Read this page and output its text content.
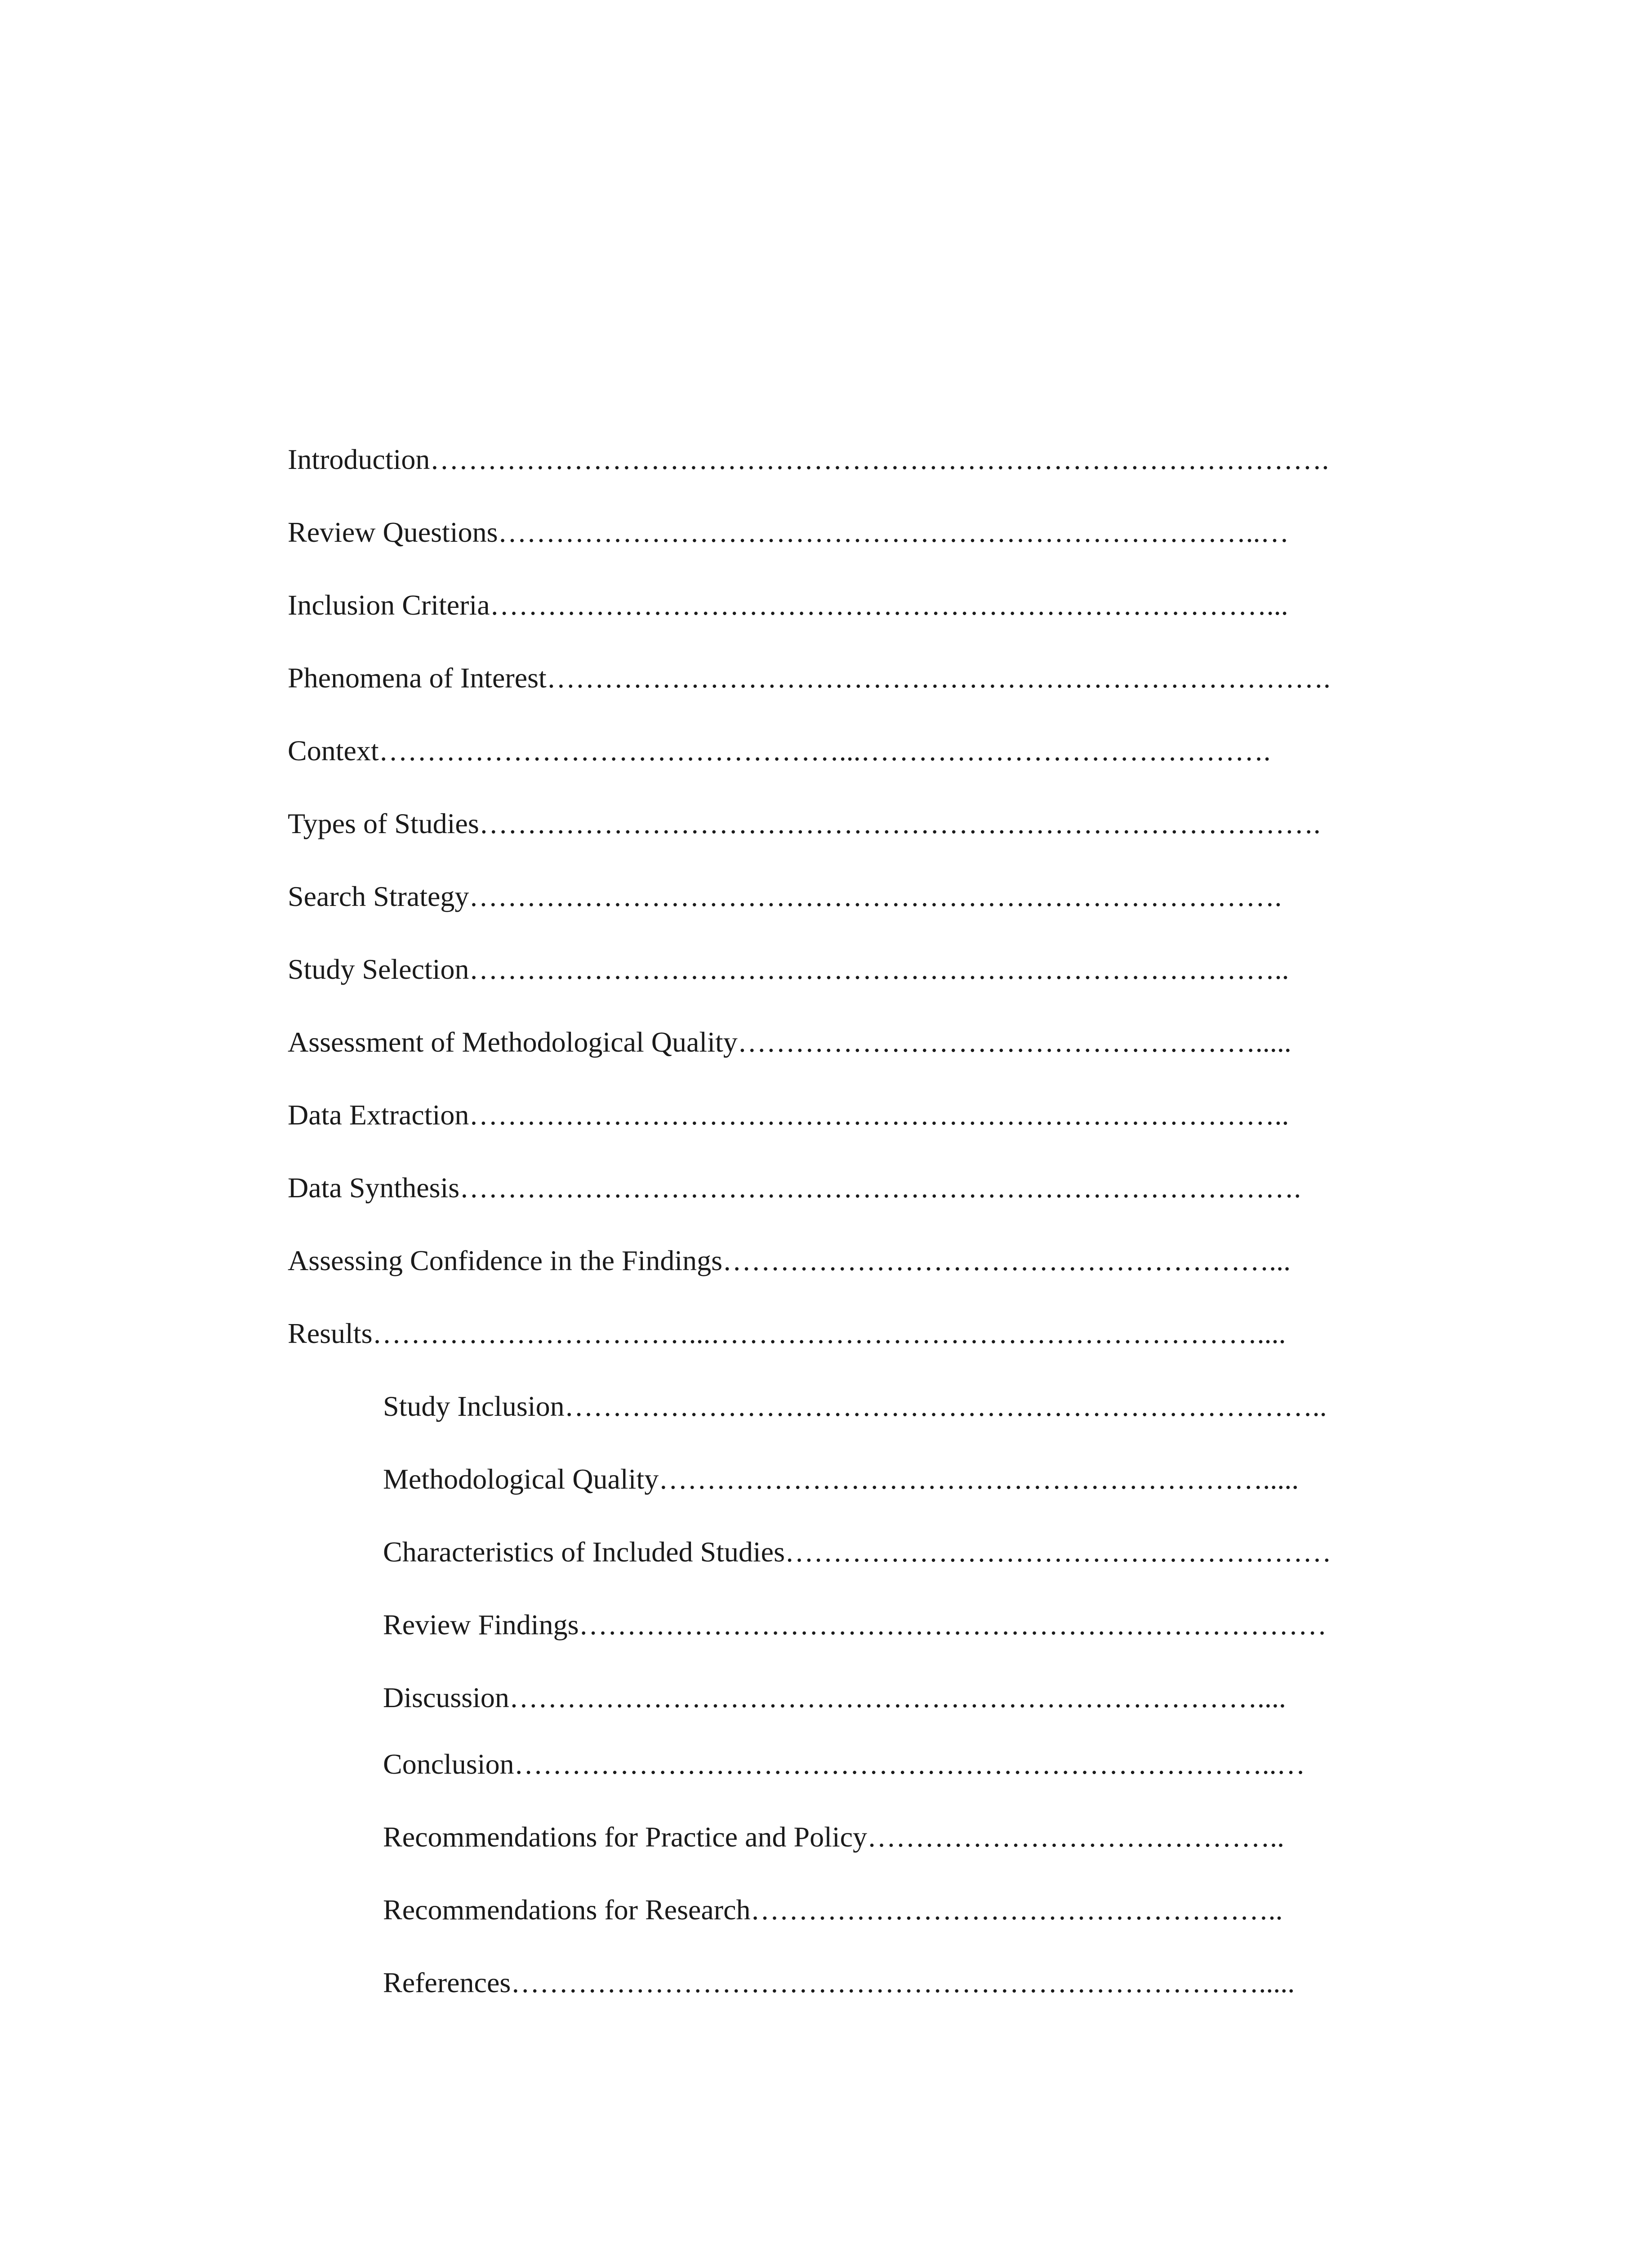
Introduction………………………………………………………………………………….
Review Questions……………………………………………………………………..…
Inclusion Criteria………………………………………………………………………...
Phenomena of Interest……………………………………………………………………….
Context…………………………………………...…………………………………….
Types of Studies…………………………………………………………………………….
Search Strategy………………………………………………………………………….
Study Selection…………………………………………………………………………..
Assessment of Methodological Quality……………………………………………….....
Data Extraction…………………………………………………………………………..
Data Synthesis…………………………………………………………………………….
Assessing Confidence in the Findings…………………………………………………...
Results……………………………...…………………………………………………....
Study Inclusion……………………………………………………………………..
Methodological Quality……………………………………………………….....
Characteristics of Included Studies…………………………………………………
Review Findings……………………………………………………………………
Discussion……………………………………………………………………....
Conclusion……………………………………………………………………..…
Recommendations for Practice and Policy……………………………………..
Recommendations for Research………………………………………………..
References…………………………………………………………………….....
